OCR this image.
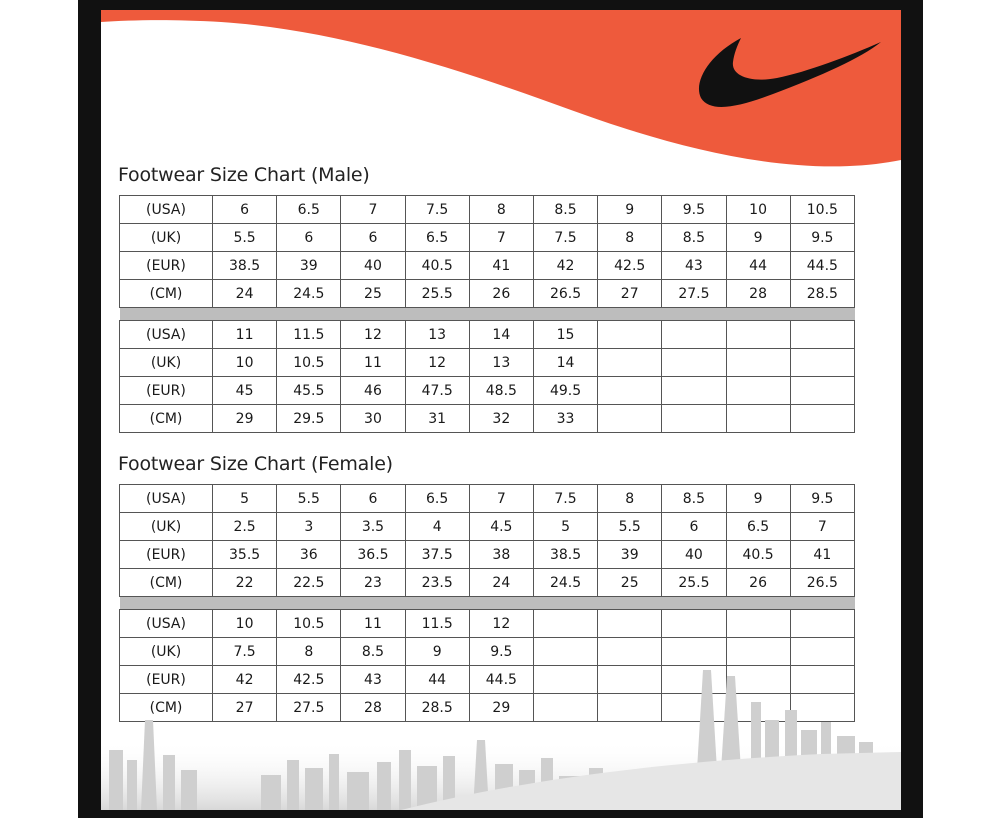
Footwear Size Chart (Male)
(USA)	6	6.5	7	7.5	8	8.5	9	9.5	10	10.5
(UK)	5.5	6	6	6.5	7	7.5	8	8.5	9	9.5
(EUR)	38.5	39	40	40.5	41	42	42.5	43	44	44.5
(CM)	24	24.5	25	25.5	26	26.5	27	27.5	28	28.5

(USA)	11	11.5	12	13	14	15				
(UK)	10	10.5	11	12	13	14				
(EUR)	45	45.5	46	47.5	48.5	49.5				
(CM)	29	29.5	30	31	32	33				
Footwear Size Chart (Female)
(USA)	5	5.5	6	6.5	7	7.5	8	8.5	9	9.5
(UK)	2.5	3	3.5	4	4.5	5	5.5	6	6.5	7
(EUR)	35.5	36	36.5	37.5	38	38.5	39	40	40.5	41
(CM)	22	22.5	23	23.5	24	24.5	25	25.5	26	26.5

(USA)	10	10.5	11	11.5	12					
(UK)	7.5	8	8.5	9	9.5					
(EUR)	42	42.5	43	44	44.5					
(CM)	27	27.5	28	28.5	29					
